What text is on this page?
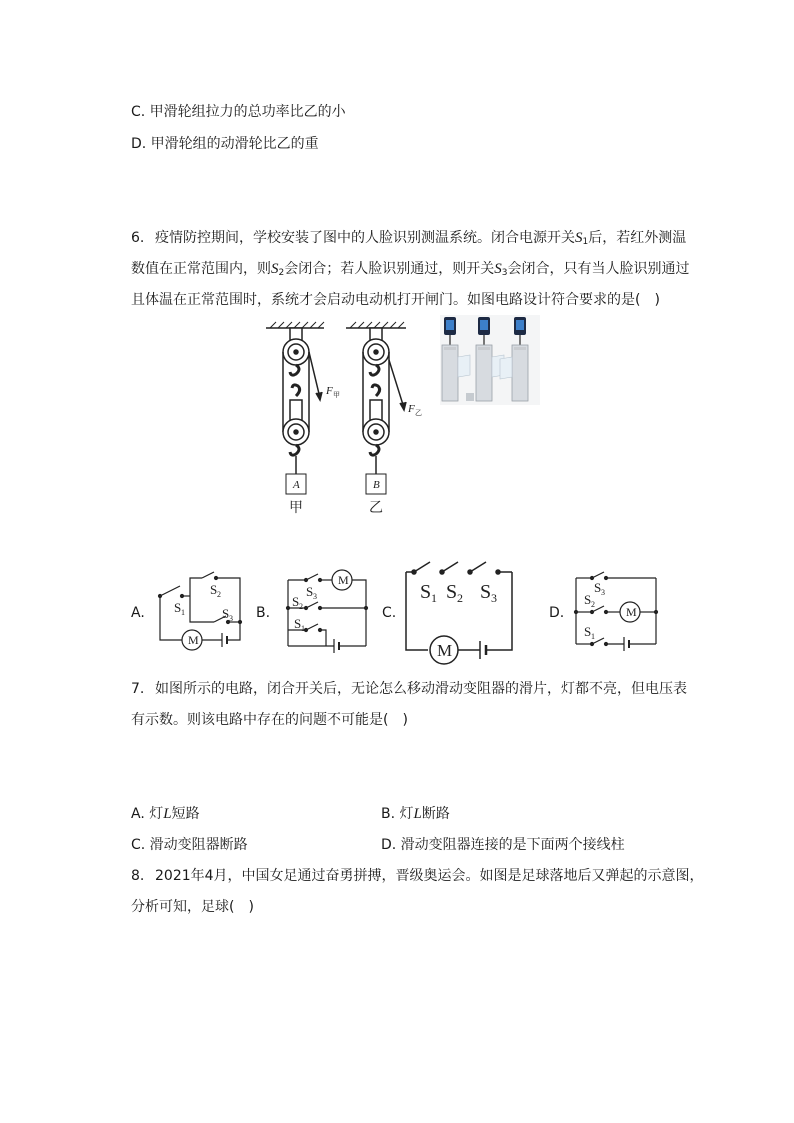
C. 甲滑轮组拉力的总功率比乙的小
D. 甲滑轮组的动滑轮比乙的重
6. 疫情防控期间，学校安装了图中的人脸识别测温系统。闭合电源开关$S_1$后，若红外测温
数值在正常范围内，则$S_2$会闭合；若人脸识别通过，则开关$S_3$会闭合，只有当人脸识别通过
且体温在正常范围时，系统才会启动电动机打开闸门。如图电路设计符合要求的是(　)
A	B
甲	乙
F 甲
F 乙
A.	B.	C.	D.
M
S 1
S 2
S 3
M
S 3
S 2
S 1
M
S 1 S 2 S 3
M
S 3
S 2
S 1
7. 如图所示的电路，闭合开关后，无论怎么移动滑动变阻器的滑片，灯都不亮，但电压表
有示数。则该电路中存在的问题不可能是(　)
A. 灯L短路	B. 灯L断路
C. 滑动变阻器断路	D. 滑动变阻器连接的是下面两个接线柱
8. 2021年4月，中国女足通过奋勇拼搏，晋级奥运会。如图是足球落地后又弹起的示意图，
分析可知，足球(　)
